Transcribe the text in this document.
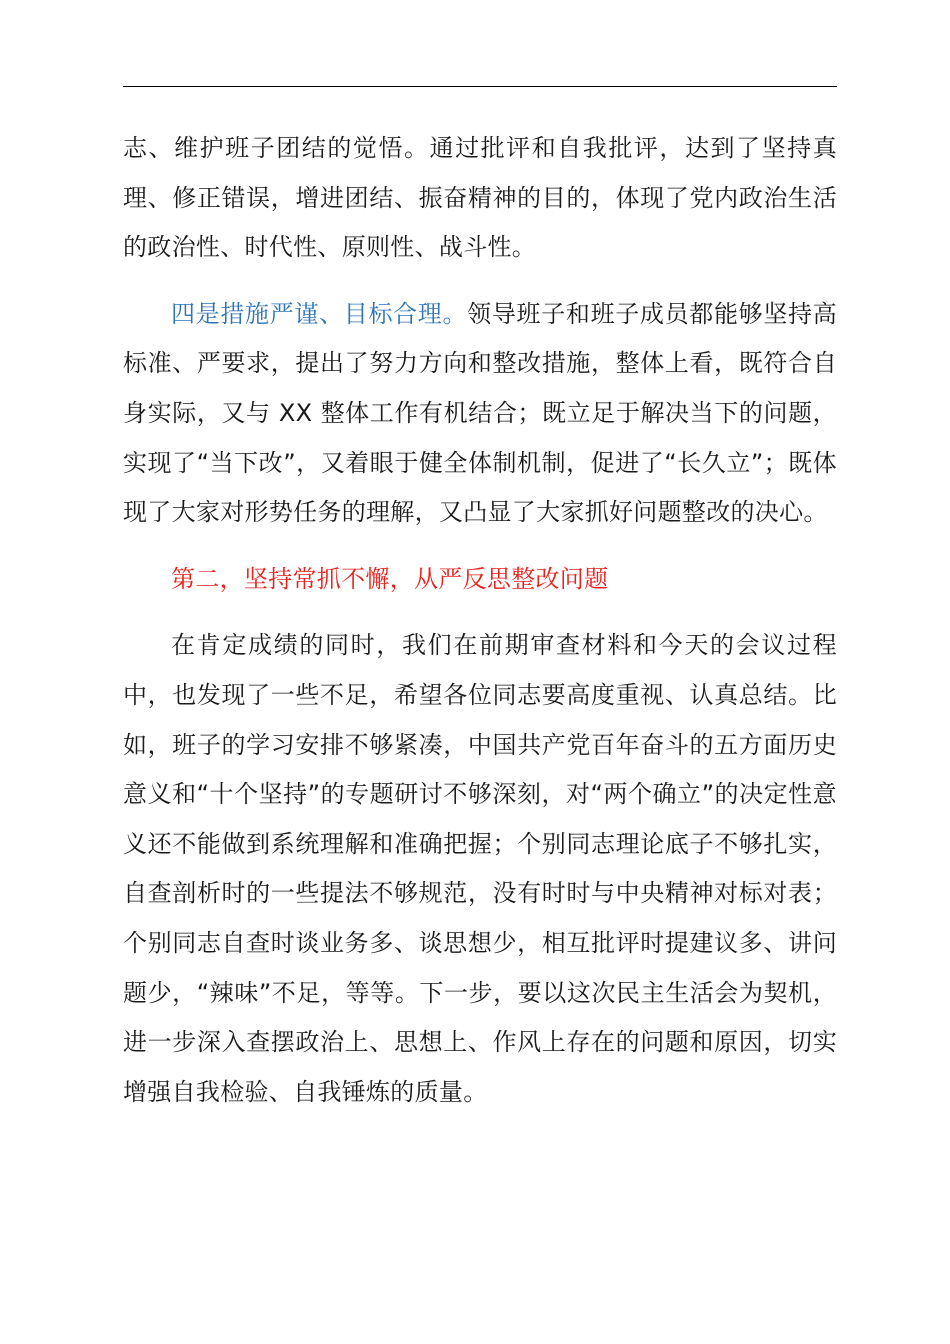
志、维护班子团结的觉悟。通过批评和自我批评，达到了坚持真理、修正错误，增进团结、振奋精神的目的，体现了党内政治生活的政治性、时代性、原则性、战斗性。

四是措施严谨、目标合理。领导班子和班子成员都能够坚持高标准、严要求，提出了努力方向和整改措施，整体上看，既符合自身实际，又与 XX 整体工作有机结合；既立足于解决当下的问题，实现了“当下改”，又着眼于健全体制机制，促进了“长久立”；既体现了大家对形势任务的理解，又凸显了大家抓好问题整改的决心。

第二，坚持常抓不懈，从严反思整改问题

在肯定成绩的同时，我们在前期审查材料和今天的会议过程中，也发现了一些不足，希望各位同志要高度重视、认真总结。比如，班子的学习安排不够紧凑，中国共产党百年奋斗的五方面历史意义和“十个坚持”的专题研讨不够深刻，对“两个确立”的决定性意义还不能做到系统理解和准确把握；个别同志理论底子不够扎实，自查剖析时的一些提法不够规范，没有时时与中央精神对标对表；个别同志自查时谈业务多、谈思想少，相互批评时提建议多、讲问题少，“辣味”不足，等等。下一步，要以这次民主生活会为契机，进一步深入查摆政治上、思想上、作风上存在的问题和原因，切实增强自我检验、自我锤炼的质量。
